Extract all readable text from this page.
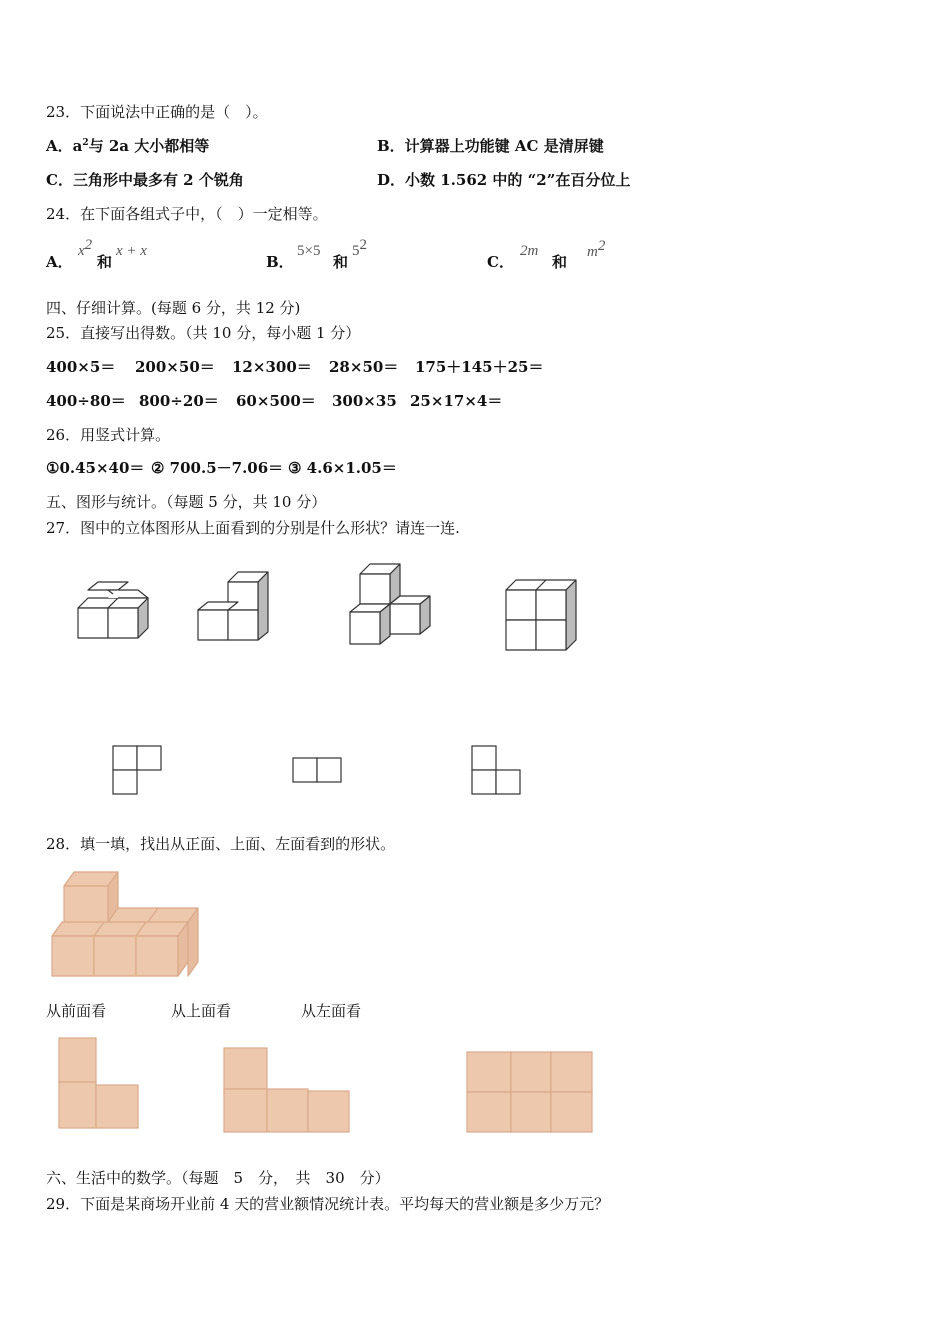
23．下面说法中正确的是（　）。
A．$a^2$与 2a 大小都相等	B．计算器上功能键 AC 是清屏键
C．三角形中最多有 2 个锐角	D．小数 1.562 中的 “2”在百分位上
24．在下面各组式子中，（　）一定相等。
A．
$x^2$
和
x + x
B．
5×5
和
$5^2$
C．
2m
和
$m^2$
四、仔细计算。(每题 6 分，共 12 分)
25．直接写出得数。（共 10 分，每小题 1 分）
400×5＝ 200×50＝ 12×300＝ 28×50＝ 175＋145＋25＝
400÷80＝ 800÷20＝ 60×500＝ 300×35 25×17×4＝
26．用竖式计算。
①0.45×40＝ ② 700.5－7.06＝ ③ 4.6×1.05＝
五、图形与统计。（每题 5 分，共 10 分）
27．图中的立体图形从上面看到的分别是什么形状？请连一连.
28．填一填，找出从正面、上面、左面看到的形状。
从前面看	从上面看	从左面看
六、生活中的数学。（每题　5　分，　共　30　分）
29．下面是某商场开业前 4 天的营业额情况统计表。平均每天的营业额是多少万元？
